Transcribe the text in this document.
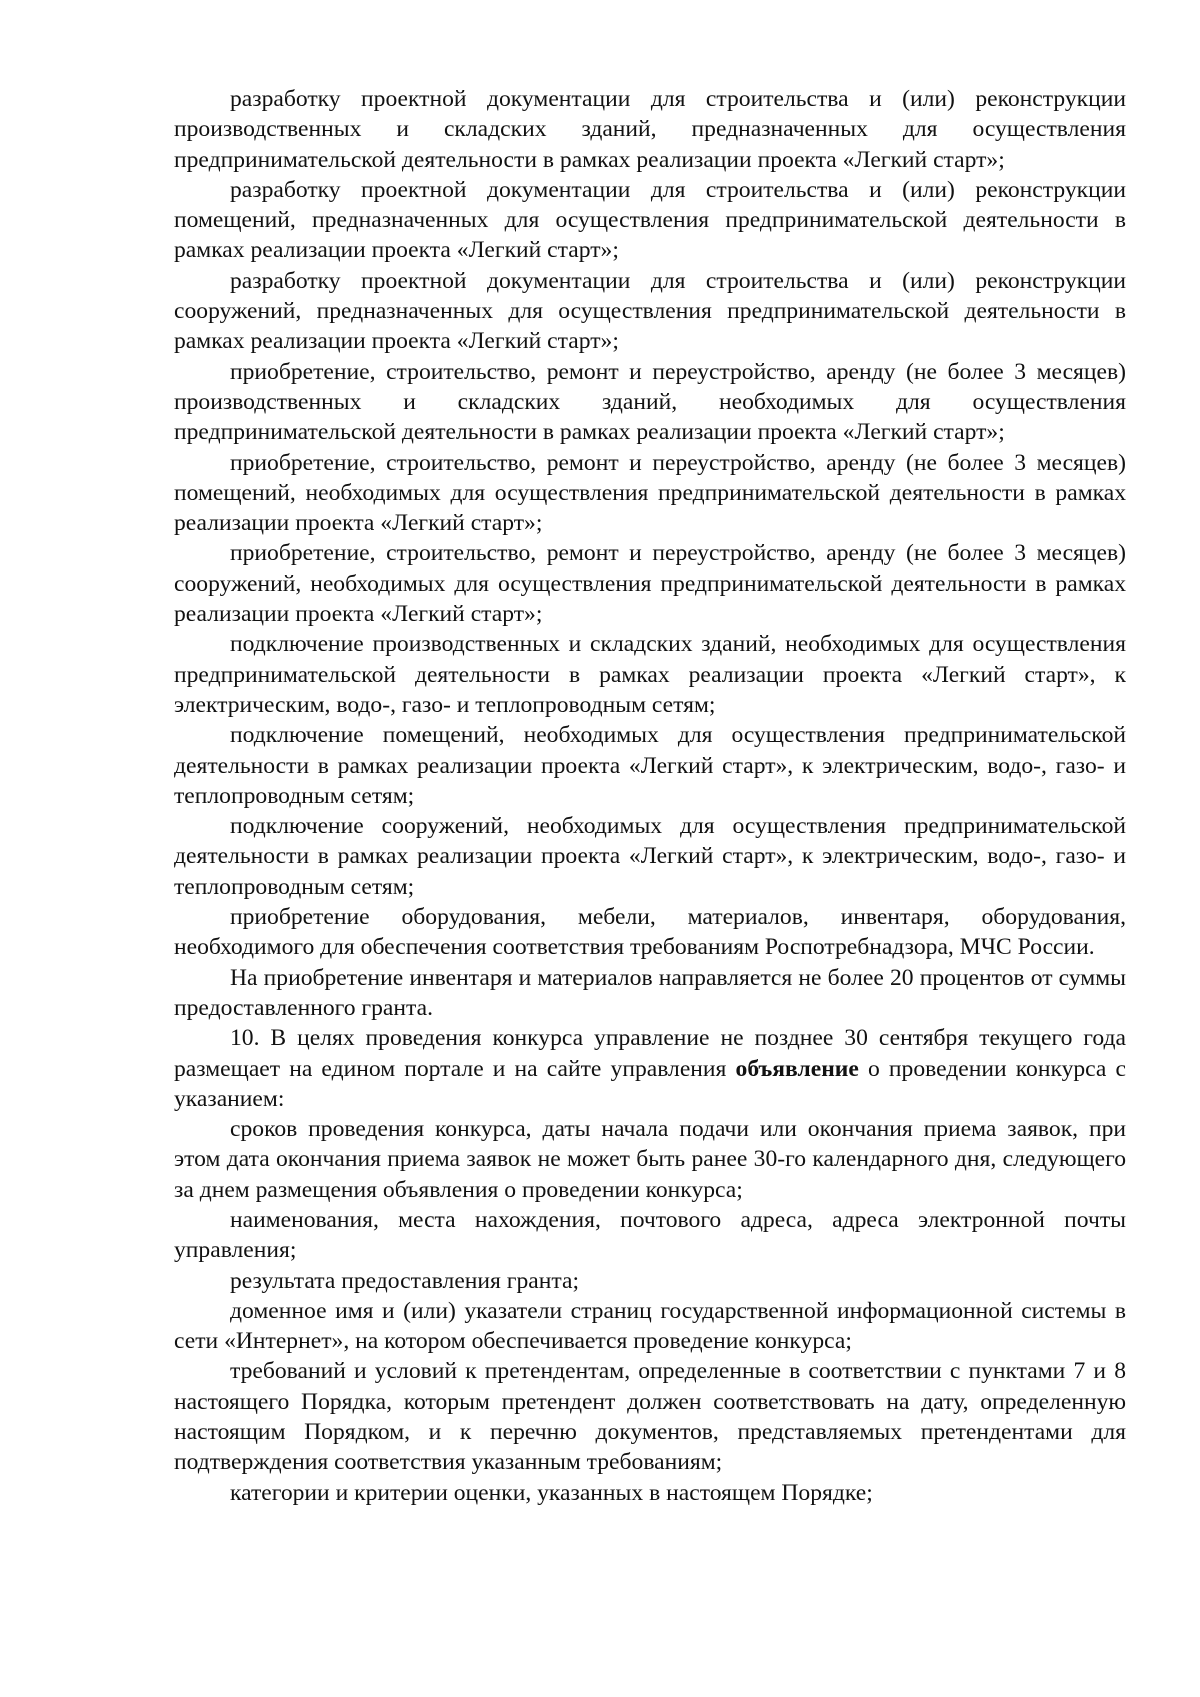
разработку проектной документации для строительства и (или) реконструкции производственных и складских зданий, предназначенных для осуществления предпринимательской деятельности в рамках реализации проекта «Легкий старт»;

разработку проектной документации для строительства и (или) реконструкции помещений, предназначенных для осуществления предпринимательской деятельности в рамках реализации проекта «Легкий старт»;

разработку проектной документации для строительства и (или) реконструкции сооружений, предназначенных для осуществления предпринимательской деятельности в рамках реализации проекта «Легкий старт»;

приобретение, строительство, ремонт и переустройство, аренду (не более 3 месяцев) производственных и складских зданий, необходимых для осуществления предпринимательской деятельности в рамках реализации проекта «Легкий старт»;

приобретение, строительство, ремонт и переустройство, аренду (не более 3 месяцев) помещений, необходимых для осуществления предпринимательской деятельности в рамках реализации проекта «Легкий старт»;

приобретение, строительство, ремонт и переустройство, аренду (не более 3 месяцев) сооружений, необходимых для осуществления предпринимательской деятельности в рамках реализации проекта «Легкий старт»;

подключение производственных и складских зданий, необходимых для осуществления предпринимательской деятельности в рамках реализации проекта «Легкий старт», к электрическим, водо-, газо- и теплопроводным сетям;

подключение помещений, необходимых для осуществления предпринимательской деятельности в рамках реализации проекта «Легкий старт», к электрическим, водо-, газо- и теплопроводным сетям;

подключение сооружений, необходимых для осуществления предпринимательской деятельности в рамках реализации проекта «Легкий старт», к электрическим, водо-, газо- и теплопроводным сетям;

приобретение оборудования, мебели, материалов, инвентаря, оборудования, необходимого для обеспечения соответствия требованиям Роспотребнадзора, МЧС России.

На приобретение инвентаря и материалов направляется не более 20 процентов от суммы предоставленного гранта.

10. В целях проведения конкурса управление не позднее 30 сентября текущего года размещает на едином портале и на сайте управления объявление о проведении конкурса с указанием:

сроков проведения конкурса, даты начала подачи или окончания приема заявок, при этом дата окончания приема заявок не может быть ранее 30-го календарного дня, следующего за днем размещения объявления о проведении конкурса;

наименования, места нахождения, почтового адреса, адреса электронной почты управления;

результата предоставления гранта;

доменное имя и (или) указатели страниц государственной информационной системы в сети «Интернет», на котором обеспечивается проведение конкурса;

требований и условий к претендентам, определенные в соответствии с пунктами 7 и 8 настоящего Порядка, которым претендент должен соответствовать на дату, определенную настоящим Порядком, и к перечню документов, представляемых претендентами для подтверждения соответствия указанным требованиям;

категории и критерии оценки, указанных в настоящем Порядке;
